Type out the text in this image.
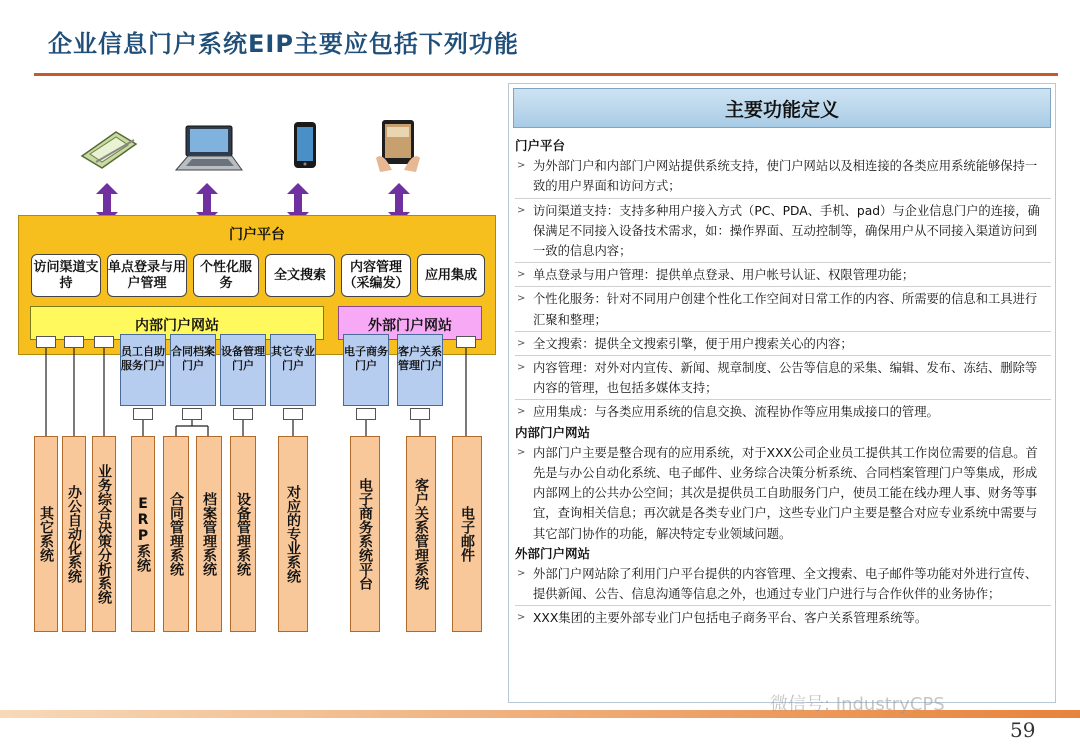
企业信息门户系统EIP主要应包括下列功能
门户平台
访问渠道支持
单点登录与用户管理
个性化服务
全文搜索
内容管理（采编发）
应用集成
内部门户网站	外部门户网站
员工自助服务门户
合同档案门户
设备管理门户
其它专业门户
电子商务门户
客户关系管理门户
其它系统 办公自动化系统 业务综合决策分析系统 ERP系统	合同管理系统	档案管理系统	设备管理系统	对应的专业系统	电子商务系统平台	客户关系管理系统	电子邮件
主要功能定义
门户平台
> 为外部门户和内部门户网站提供系统支持，使门户网站以及相连接的各类应用系统能够保持一致的用户界面和访问方式；
> 访问渠道支持：支持多种用户接入方式（PC、PDA、手机、pad）与企业信息门户的连接，确保满足不同接入设备技术需求，如：操作界面、互动控制等，确保用户从不同接入渠道访问到一致的信息内容；
> 单点登录与用户管理：提供单点登录、用户帐号认证、权限管理功能；
> 个性化服务：针对不同用户创建个性化工作空间对日常工作的内容、所需要的信息和工具进行汇聚和整理；
> 全文搜索：提供全文搜索引擎，便于用户搜索关心的内容；
> 内容管理：对外对内宣传、新闻、规章制度、公告等信息的采集、编辑、发布、冻结、删除等内容的管理，也包括多媒体支持；
> 应用集成：与各类应用系统的信息交换、流程协作等应用集成接口的管理。
内部门户网站
> 内部门户主要是整合现有的应用系统，对于XXX公司企业员工提供其工作岗位需要的信息。首先是与办公自动化系统、电子邮件、业务综合决策分析系统、合同档案管理门户等集成，形成内部网上的公共办公空间；其次是提供员工自助服务门户，使员工能在线办理人事、财务等事宜，查询相关信息；再次就是各类专业门户，这些专业门户主要是整合对应专业系统中需要与其它部门协作的功能，解决特定专业领域问题。
外部门户网站
> 外部门户网站除了利用门户平台提供的内容管理、全文搜索、电子邮件等功能对外进行宣传、提供新闻、公告、信息沟通等信息之外，也通过专业门户进行与合作伙伴的业务协作；
> XXX集团的主要外部专业门户包括电子商务平台、客户关系管理系统等。
微信号: IndustryCPS
59
